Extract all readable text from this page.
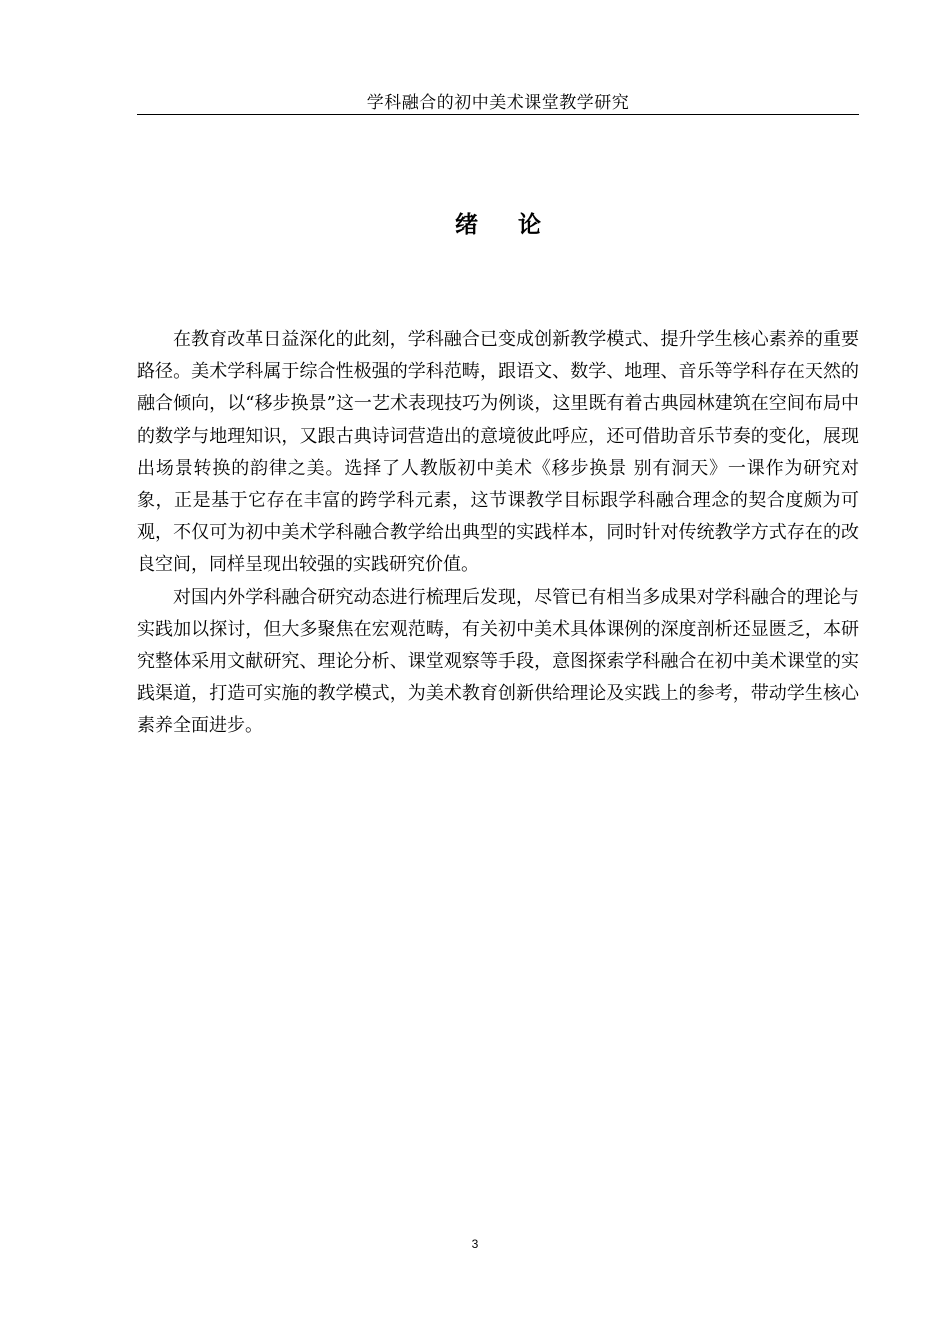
学科融合的初中美术课堂教学研究
绪论

在教育改革日益深化的此刻，学科融合已变成创新教学模式、提升学生核心素养的重要路径。美术学科属于综合性极强的学科范畴，跟语文、数学、地理、音乐等学科存在天然的融合倾向，以“移步换景”这一艺术表现技巧为例谈，这里既有着古典园林建筑在空间布局中的数学与地理知识，又跟古典诗词营造出的意境彼此呼应，还可借助音乐节奏的变化，展现出场景转换的韵律之美。选择了人教版初中美术《移步换景 别有洞天》一课作为研究对象，正是基于它存在丰富的跨学科元素，这节课教学目标跟学科融合理念的契合度颇为可观，不仅可为初中美术学科融合教学给出典型的实践样本，同时针对传统教学方式存在的改良空间，同样呈现出较强的实践研究价值。

对国内外学科融合研究动态进行梳理后发现，尽管已有相当多成果对学科融合的理论与实践加以探讨，但大多聚焦在宏观范畴，有关初中美术具体课例的深度剖析还显匮乏，本研究整体采用文献研究、理论分析、课堂观察等手段，意图探索学科融合在初中美术课堂的实践渠道，打造可实施的教学模式，为美术教育创新供给理论及实践上的参考，带动学生核心素养全面进步。

3
